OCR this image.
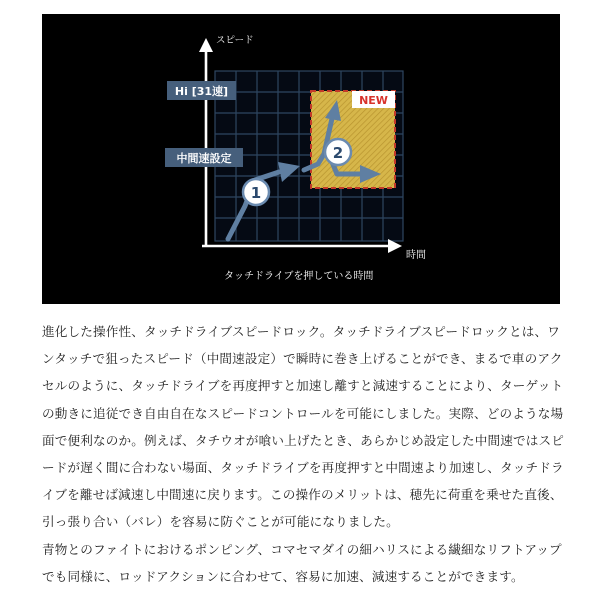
NEW
スピード
時間
タッチドライブを押している時間
Hi [31速]
中間速設定
1
2

進化した操作性、タッチドライブスピードロック。タッチドライブスピードロックとは、ワンタッチで狙ったスピード（中間速設定）で瞬時に巻き上げることができ、まるで車のアクセルのように、タッチドライブを再度押すと加速し離すと減速することにより、ターゲットの動きに追従でき自由自在なスピードコントロールを可能にしました。実際、どのような場面で便利なのか。例えば、タチウオが喰い上げたとき、あらかじめ設定した中間速ではスピードが遅く間に合わない場面、タッチドライブを再度押すと中間速より加速し、タッチドライブを離せば減速し中間速に戻ります。この操作のメリットは、穂先に荷重を乗せた直後、引っ張り合い（バレ）を容易に防ぐことが可能になりました。

青物とのファイトにおけるポンピング、コマセマダイの細ハリスによる繊細なリフトアップでも同様に、ロッドアクションに合わせて、容易に加速、減速することができます。
